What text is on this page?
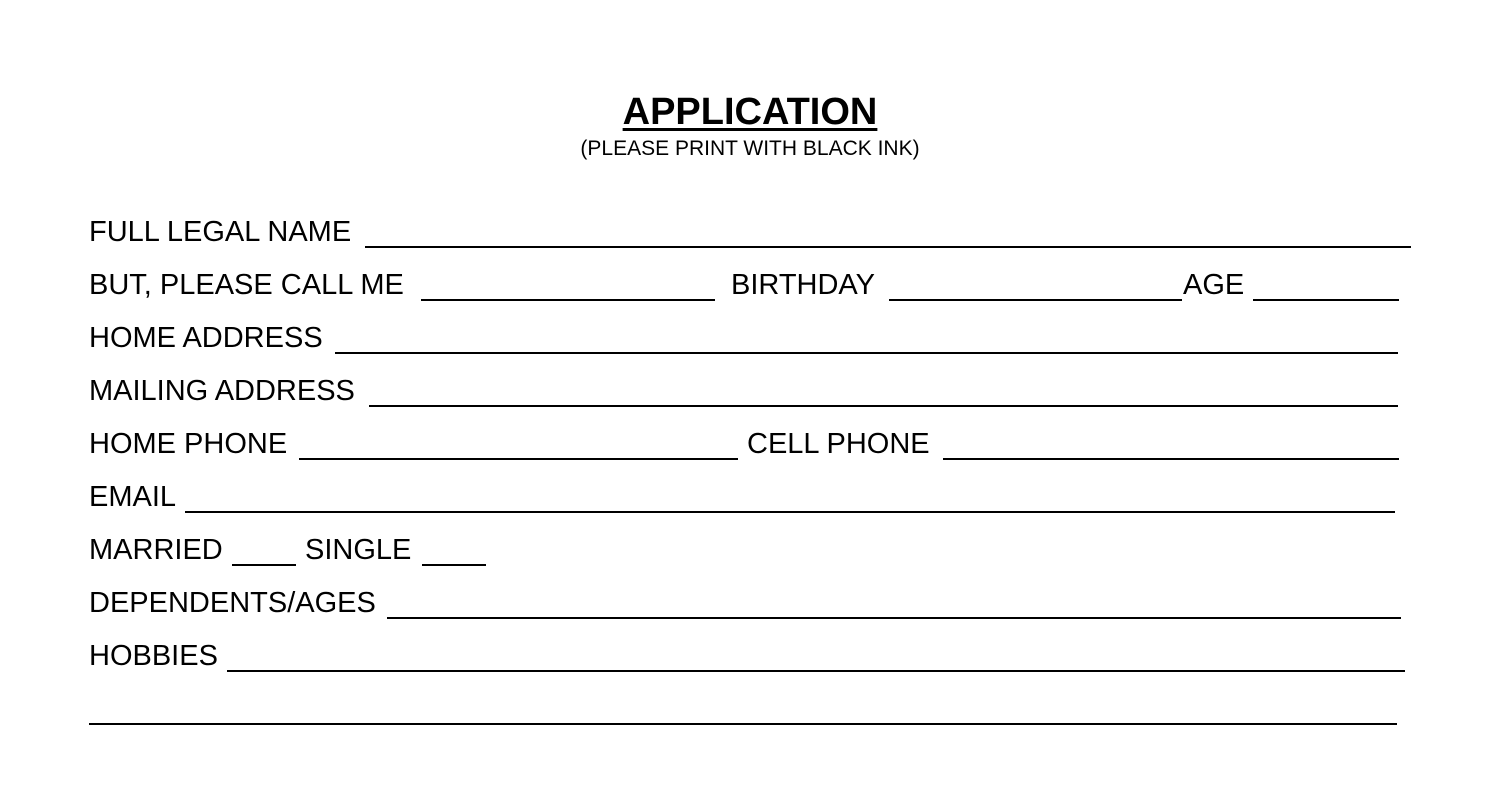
APPLICATION
(PLEASE PRINT WITH BLACK INK)
FULL LEGAL NAME
BUT, PLEASE CALL ME	BIRTHDAY	AGE
HOME ADDRESS
MAILING ADDRESS
HOME PHONE	CELL PHONE
EMAIL
MARRIED	SINGLE
DEPENDENTS/AGES
HOBBIES
